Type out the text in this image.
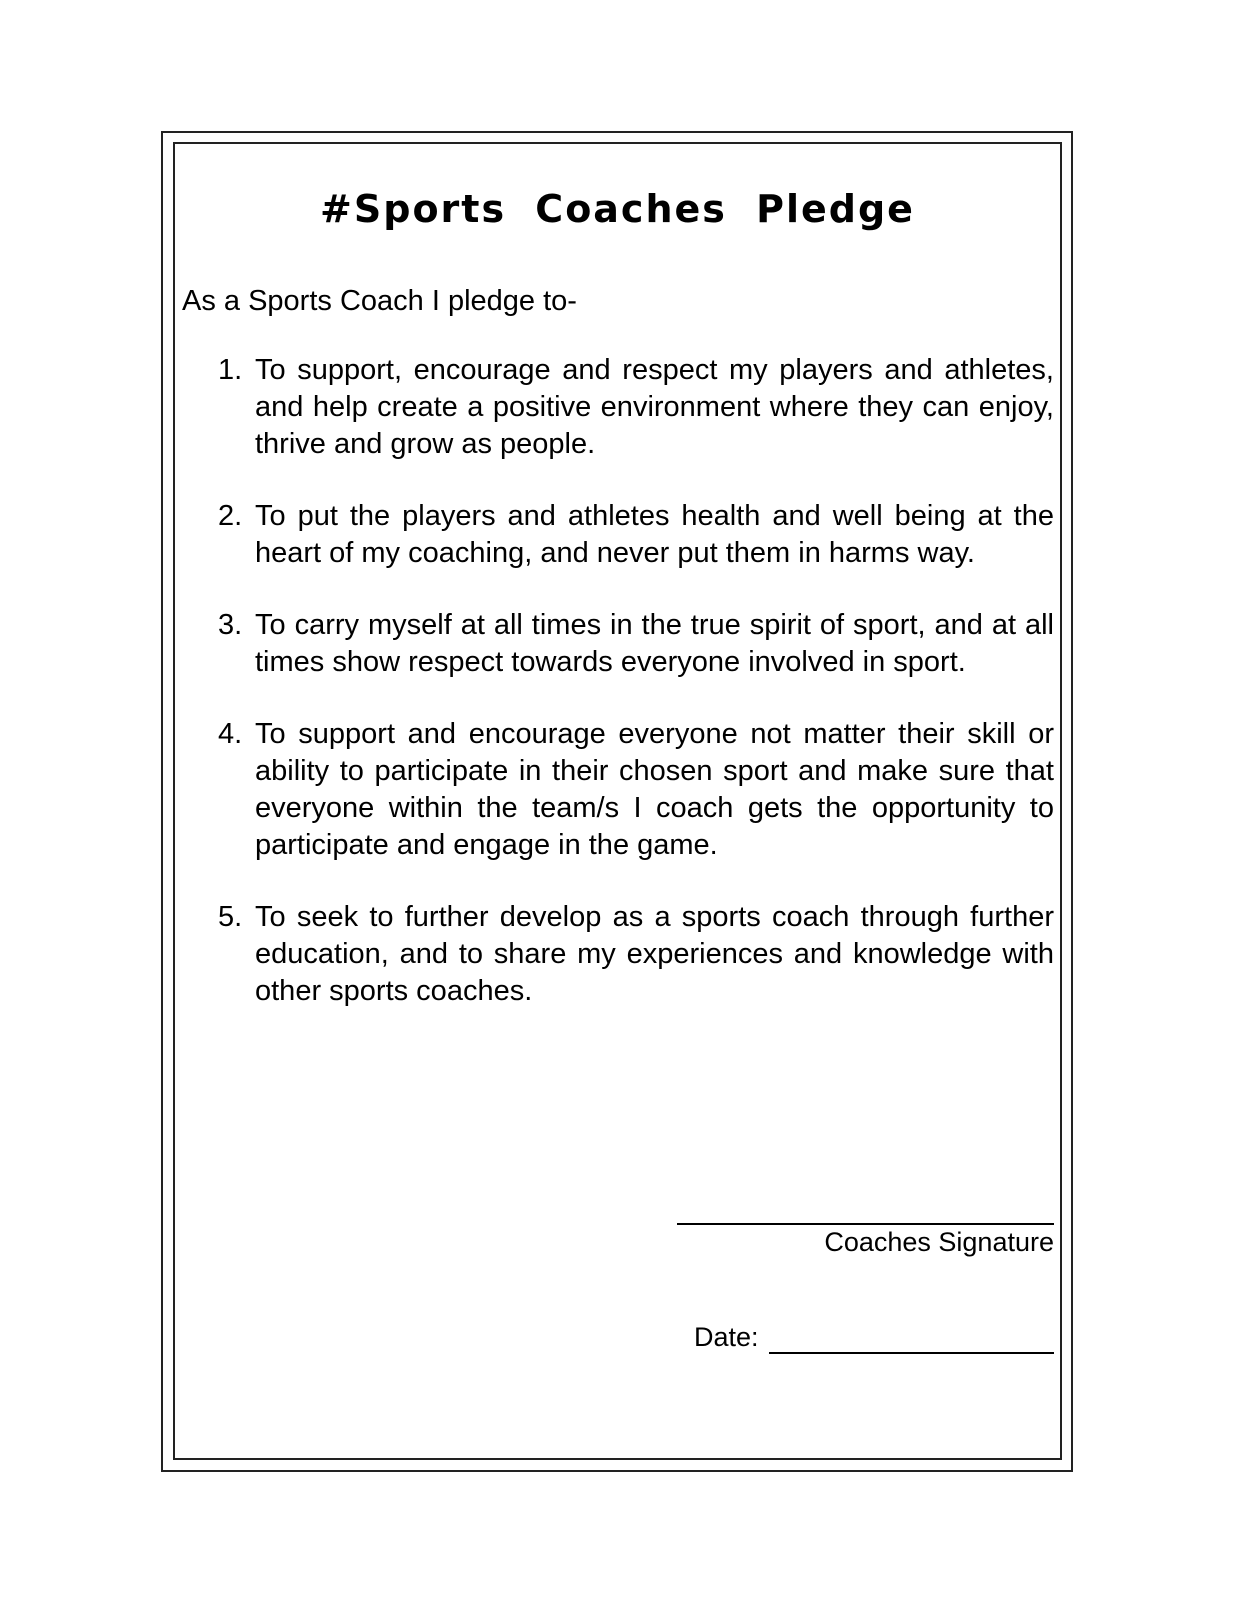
#Sports Coaches Pledge

As a Sports Coach I pledge to-

1. To support, encourage and respect my players and athletes, and help create a positive environment where they can enjoy, thrive and grow as people.
2. To put the players and athletes health and well being at the heart of my coaching, and never put them in harms way.
3. To carry myself at all times in the true spirit of sport, and at all times show respect towards everyone involved in sport.
4. To support and encourage everyone not matter their skill or ability to participate in their chosen sport and make sure that everyone within the team/s I coach gets the opportunity to participate and engage in the game.
5. To seek to further develop as a sports coach through further education, and to share my experiences and knowledge with other sports coaches.

Coaches Signature

Date:
